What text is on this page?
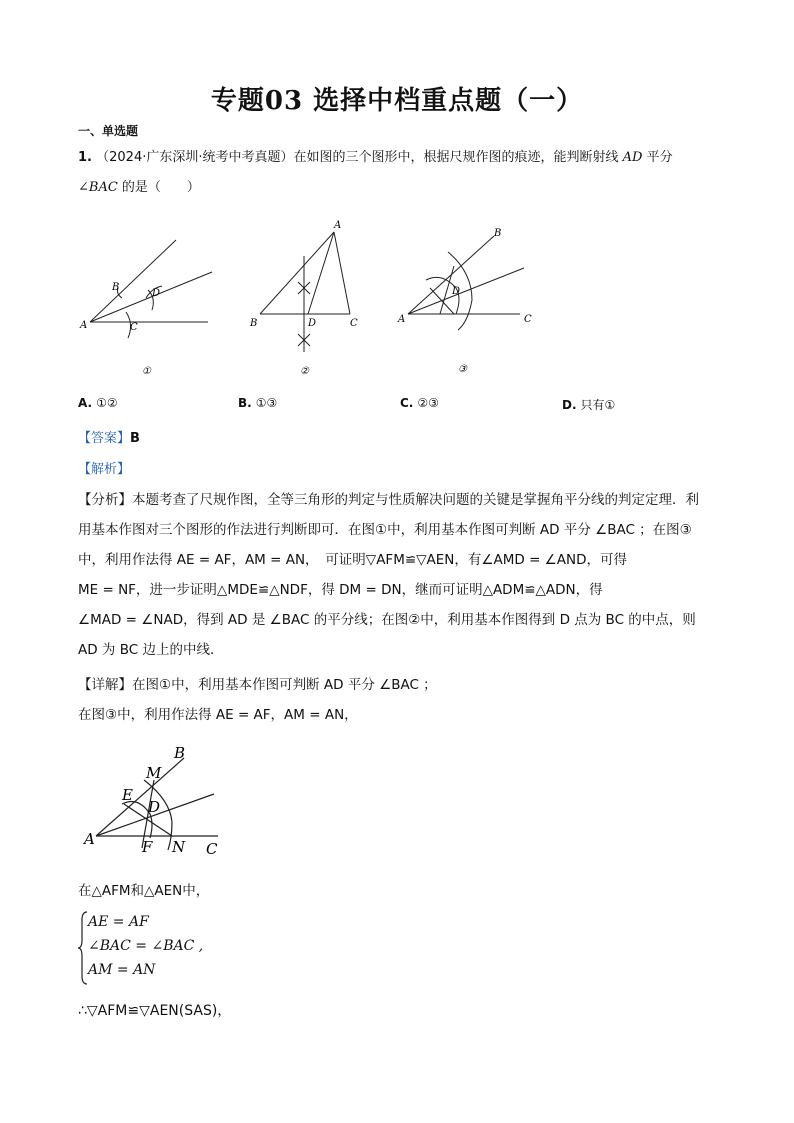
专题03 选择中档重点题（一）
一、单选题
1. （2024·广东深圳·统考中考真题）在如图的三个图形中，根据尺规作图的痕迹，能判断射线 AD 平分
∠BAC 的是（　　）
A
B
C
D
①
A
B	C
D
②
A
B
C
D
③
A. ①②	B. ①③	C. ②③	D. 只有①
【答案】B
【解析】
【分析】本题考查了尺规作图，全等三角形的判定与性质解决问题的关键是掌握角平分线的判定定理．利
用基本作图对三个图形的作法进行判断即可．在图①中，利用基本作图可判断 AD 平分 ∠BAC ；在图③
中，利用作法得 AE = AF，AM = AN，　可证明▽AFM≌▽AEN，有∠AMD = ∠AND，可得
ME = NF，进一步证明△MDE≌△NDF，得 DM = DN，继而可证明△ADM≌△ADN，得
∠MAD = ∠NAD，得到 AD 是 ∠BAC 的平分线；在图②中，利用基本作图得到 D 点为 BC 的中点，则
AD 为 BC 边上的中线．
【详解】在图①中，利用基本作图可判断 AD 平分 ∠BAC ；
在图③中，利用作法得 AE = AF，AM = AN，
A
B
C
D
E
F
M
N
在△AFM和△AEN中，
AE = AF
∠BAC = ∠BAC ,
AM = AN
∴▽AFM≌▽AEN(SAS)，
